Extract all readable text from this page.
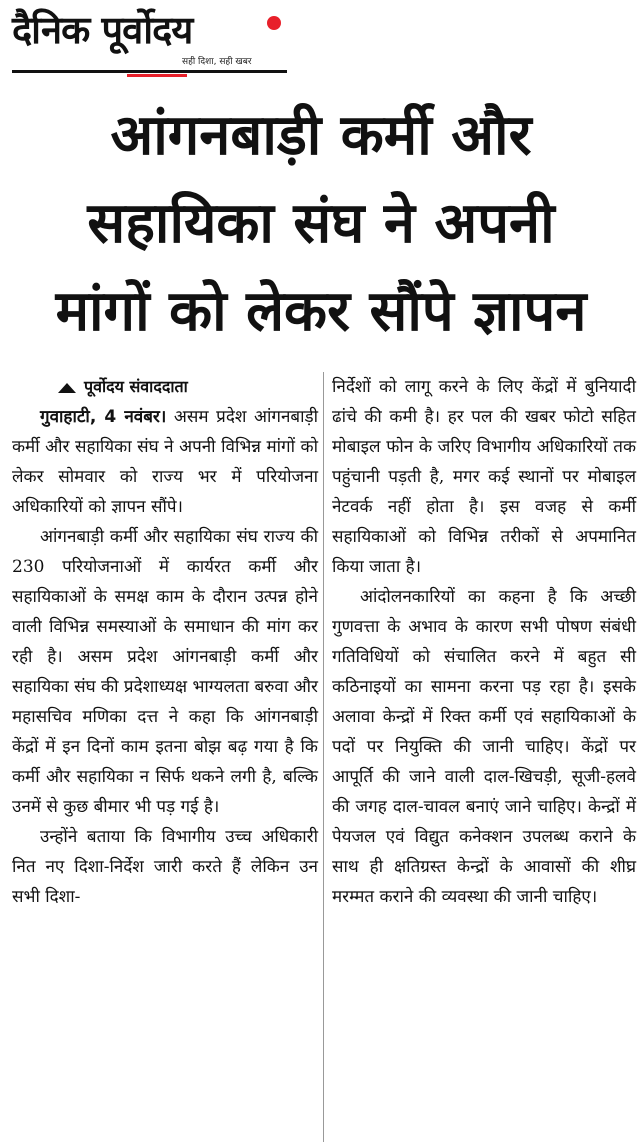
दैनिक पूर्वोदय
सही दिशा, सही खबर
आंगनबाड़ी कर्मी और
सहायिका संघ ने अपनी
मांगों को लेकर सौंपे ज्ञापन

पूर्वोदय संवाददाता

गुवाहाटी, 4 नवंबर। असम प्रदेश आंगनबाड़ी कर्मी और सहायिका संघ ने अपनी विभिन्न मांगों को लेकर सोमवार को राज्य भर में परियोजना अधिकारियों को ज्ञापन सौंपे।

आंगनबाड़ी कर्मी और सहायिका संघ राज्य की 230 परियोजनाओं में कार्यरत कर्मी और सहायिकाओं के समक्ष काम के दौरान उत्पन्न होने वाली विभिन्न समस्याओं के समाधान की मांग कर रही है। असम प्रदेश आंगनबाड़ी कर्मी और सहायिका संघ की प्रदेशाध्यक्ष भाग्यलता बरुवा और महासचिव मणिका दत्त ने कहा कि आंगनबाड़ी केंद्रों में इन दिनों काम इतना बोझ बढ़ गया है कि कर्मी और सहायिका न सिर्फ थकने लगी है, बल्कि उनमें से कुछ बीमार भी पड़ गई है।

उन्होंने बताया कि विभागीय उच्च अधिकारी नित नए दिशा-निर्देश जारी करते हैं लेकिन उन सभी दिशा-

निर्देशों को लागू करने के लिए केंद्रों में बुनियादी ढांचे की कमी है। हर पल की खबर फोटो सहित मोबाइल फोन के जरिए विभागीय अधिकारियों तक पहुंचानी पड़ती है, मगर कई स्थानों पर मोबाइल नेटवर्क नहीं होता है। इस वजह से कर्मी सहायिकाओं को विभिन्न तरीकों से अपमानित किया जाता है।

आंदोलनकारियों का कहना है कि अच्छी गुणवत्ता के अभाव के कारण सभी पोषण संबंधी गतिविधियों को संचालित करने में बहुत सी कठिनाइयों का सामना करना पड़ रहा है। इसके अलावा केन्द्रों में रिक्त कर्मी एवं सहायिकाओं के पदों पर नियुक्ति की जानी चाहिए। केंद्रों पर आपूर्ति की जाने वाली दाल-खिचड़ी, सूजी-हलवे की जगह दाल-चावल बनाएं जाने चाहिए। केन्द्रों में पेयजल एवं विद्युत कनेक्शन उपलब्ध कराने के साथ ही क्षतिग्रस्त केन्द्रों के आवासों की शीघ्र मरम्मत कराने की व्यवस्था की जानी चाहिए।
